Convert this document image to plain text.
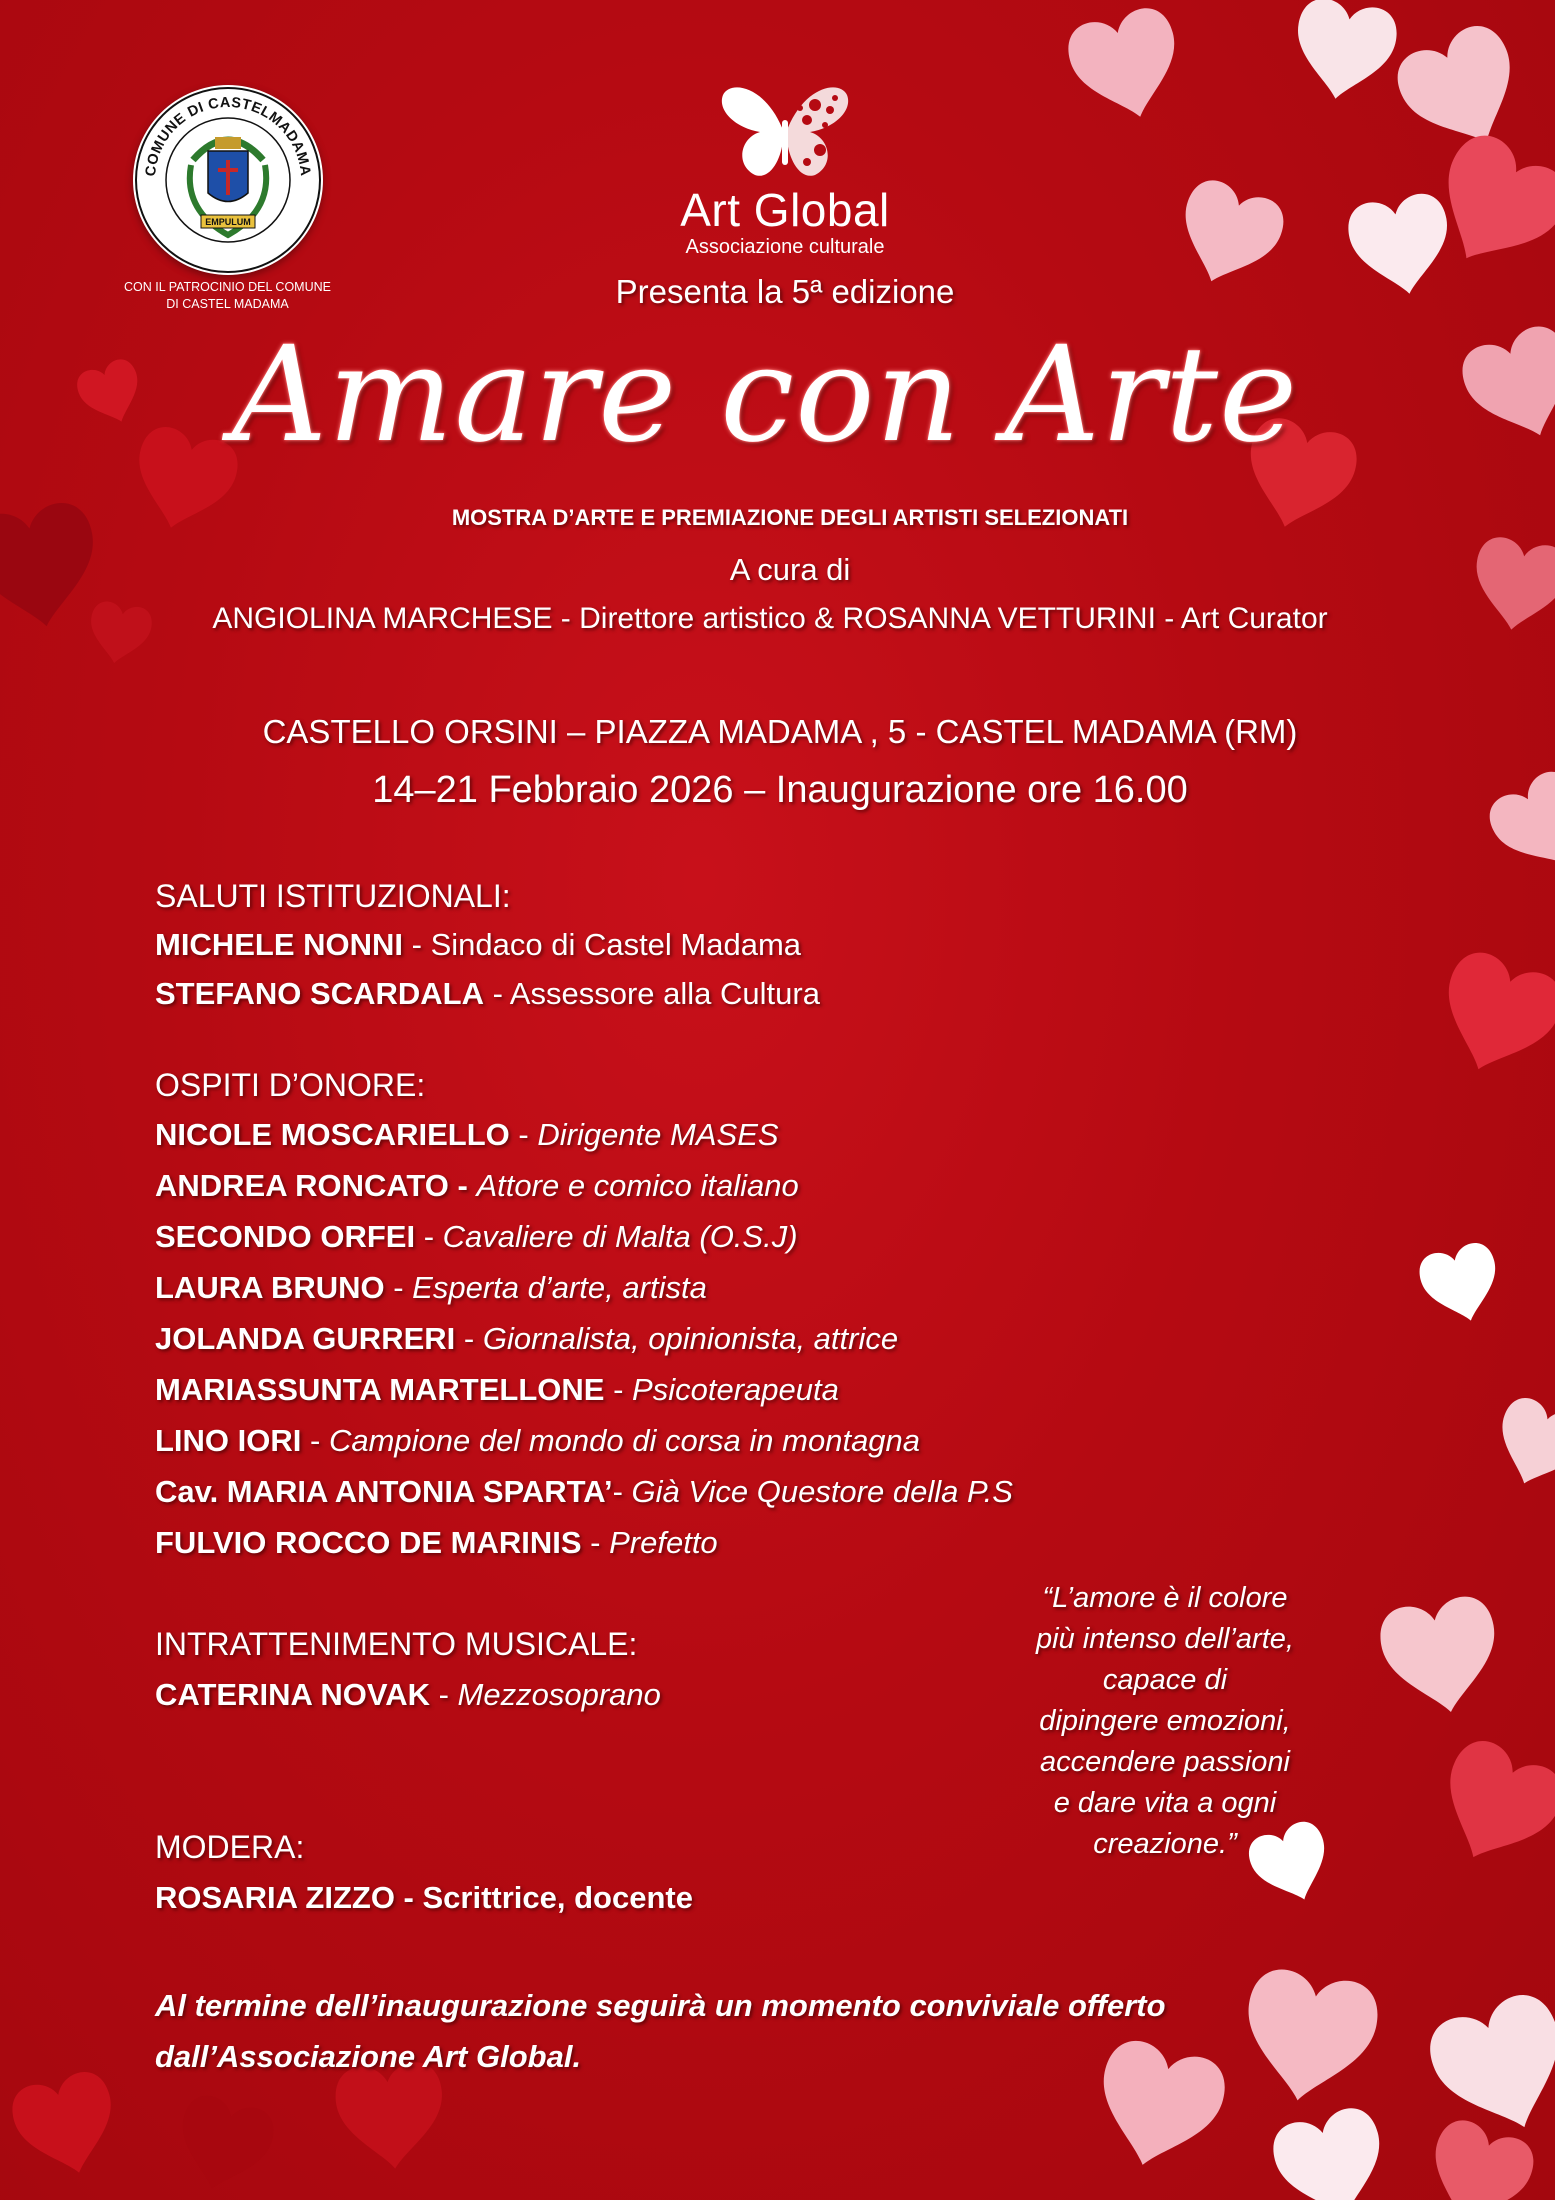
EMPULUM
COMUNE DI CASTELMADAMA
CON IL PATROCINIO DEL COMUNE
DI CASTEL MADAMA
Art Global
Associazione culturale
Presenta la 5ª edizione
Amare con Arte
MOSTRA D’ARTE E PREMIAZIONE DEGLI ARTISTI SELEZIONATI
A cura di
ANGIOLINA MARCHESE - Direttore artistico & ROSANNA VETTURINI - Art Curator
CASTELLO ORSINI – PIAZZA MADAMA , 5 - CASTEL MADAMA (RM)
14–21 Febbraio 2026 – Inaugurazione ore 16.00
SALUTI ISTITUZIONALI:
MICHELE NONNI - Sindaco di Castel Madama
STEFANO SCARDALA - Assessore alla Cultura
OSPITI D’ONORE:
NICOLE MOSCARIELLO - Dirigente MASES
ANDREA RONCATO - Attore e comico italiano
SECONDO ORFEI - Cavaliere di Malta (O.S.J)
LAURA BRUNO - Esperta d’arte, artista
JOLANDA GURRERI - Giornalista, opinionista, attrice
MARIASSUNTA MARTELLONE - Psicoterapeuta
LINO IORI - Campione del mondo di corsa in montagna
Cav. MARIA ANTONIA SPARTA’- Già Vice Questore della P.S
FULVIO ROCCO DE MARINIS - Prefetto
INTRATTENIMENTO MUSICALE:
CATERINA NOVAK - Mezzosoprano
MODERA:
ROSARIA ZIZZO - Scrittrice, docente
“L’amore è il colore
più intenso dell’arte,
capace di
dipingere emozioni,
accendere passioni
e dare vita a ogni
creazione.”
Al termine dell’inaugurazione seguirà un momento conviviale offerto
dall’Associazione Art Global.
